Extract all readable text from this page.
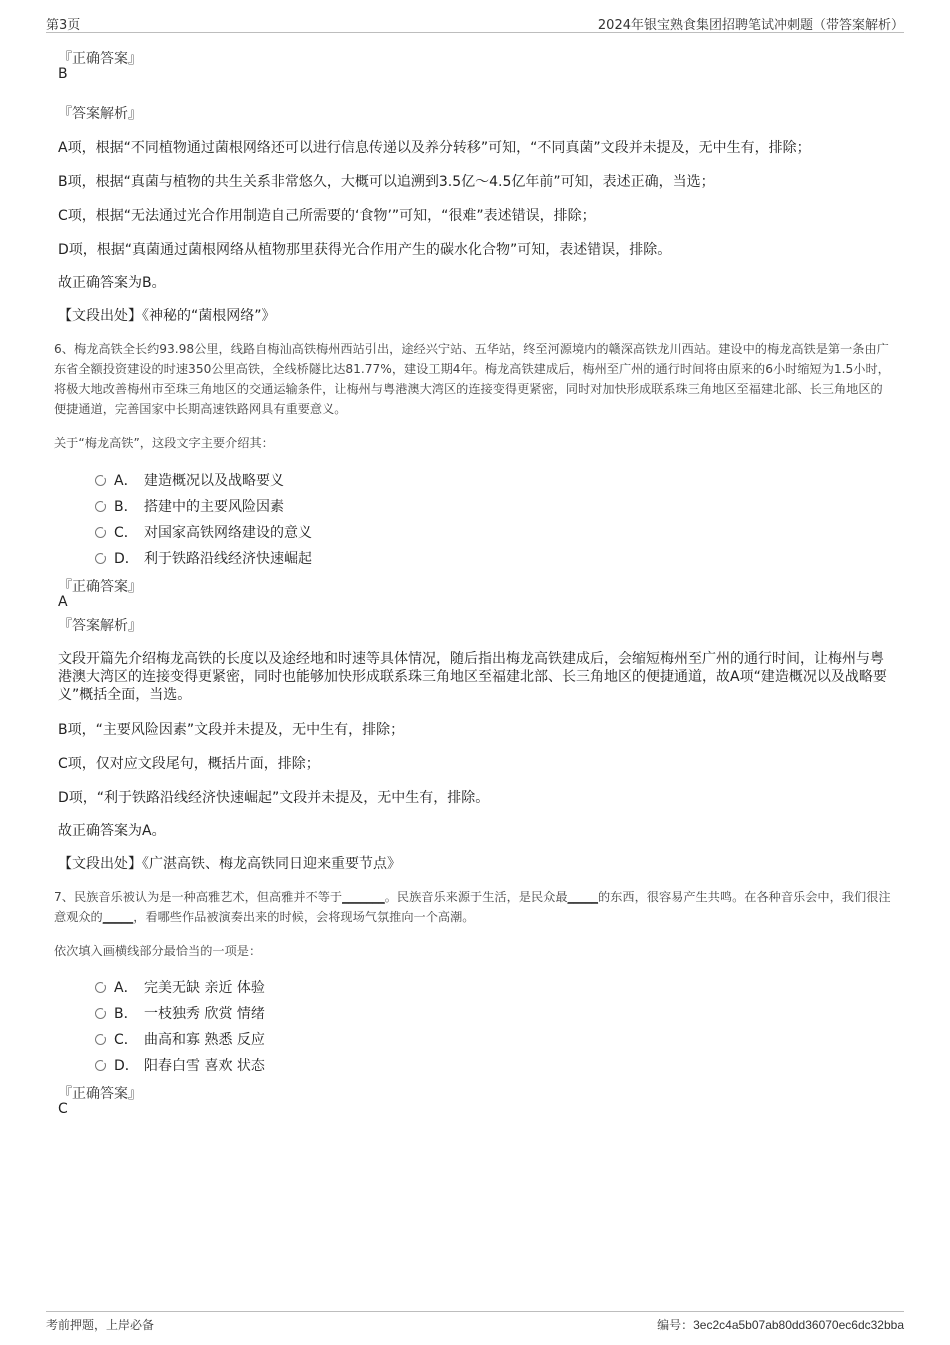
第3页	2024年银宝熟食集团招聘笔试冲刺题（带答案解析）
『正确答案』
B
『答案解析』
A项，根据“不同植物通过菌根网络还可以进行信息传递以及养分转移”可知，“不同真菌”文段并未提及，无中生有，排除；
B项，根据“真菌与植物的共生关系非常悠久，大概可以追溯到3.5亿～4.5亿年前”可知，表述正确，当选；
C项，根据“无法通过光合作用制造自己所需要的‘食物’”可知，“很难”表述错误，排除；
D项，根据“真菌通过菌根网络从植物那里获得光合作用产生的碳水化合物”可知，表述错误，排除。
故正确答案为B。
【文段出处】《神秘的“菌根网络”》
6、梅龙高铁全长约93.98公里，线路自梅汕高铁梅州西站引出，途经兴宁站、五华站，终至河源境内的赣深高铁龙川西站。建设中的梅龙高铁是第一条由广东省全额投资建设的时速350公里高铁，全线桥隧比达81.77%，建设工期4年。梅龙高铁建成后，梅州至广州的通行时间将由原来的6小时缩短为1.5小时，将极大地改善梅州市至珠三角地区的交通运输条件，让梅州与粤港澳大湾区的连接变得更紧密，同时对加快形成联系珠三角地区至福建北部、长三角地区的便捷通道，完善国家中长期高速铁路网具有重要意义。
关于“梅龙高铁”，这段文字主要介绍其：
A． 建造概况以及战略要义
B． 搭建中的主要风险因素
C． 对国家高铁网络建设的意义
D． 利于铁路沿线经济快速崛起
『正确答案』
A
『答案解析』
文段开篇先介绍梅龙高铁的长度以及途经地和时速等具体情况，随后指出梅龙高铁建成后，会缩短梅州至广州的通行时间，让梅州与粤港澳大湾区的连接变得更紧密，同时也能够加快形成联系珠三角地区至福建北部、长三角地区的便捷通道，故A项“建造概况以及战略要义”概括全面，当选。
B项，“主要风险因素”文段并未提及，无中生有，排除；
C项，仅对应文段尾句，概括片面，排除；
D项，“利于铁路沿线经济快速崛起”文段并未提及，无中生有，排除。
故正确答案为A。
【文段出处】《广湛高铁、梅龙高铁同日迎来重要节点》
7、民族音乐被认为是一种高雅艺术，但高雅并不等于_______。民族音乐来源于生活，是民众最_____的东西，很容易产生共鸣。在各种音乐会中，我们很注意观众的_____，看哪些作品被演奏出来的时候，会将现场气氛推向一个高潮。
依次填入画横线部分最恰当的一项是：
A． 完美无缺 亲近 体验
B． 一枝独秀 欣赏 情绪
C． 曲高和寡 熟悉 反应
D． 阳春白雪 喜欢 状态
『正确答案』
C
考前押题，上岸必备	编号：3ec2c4a5b07ab80dd36070ec6dc32bba
